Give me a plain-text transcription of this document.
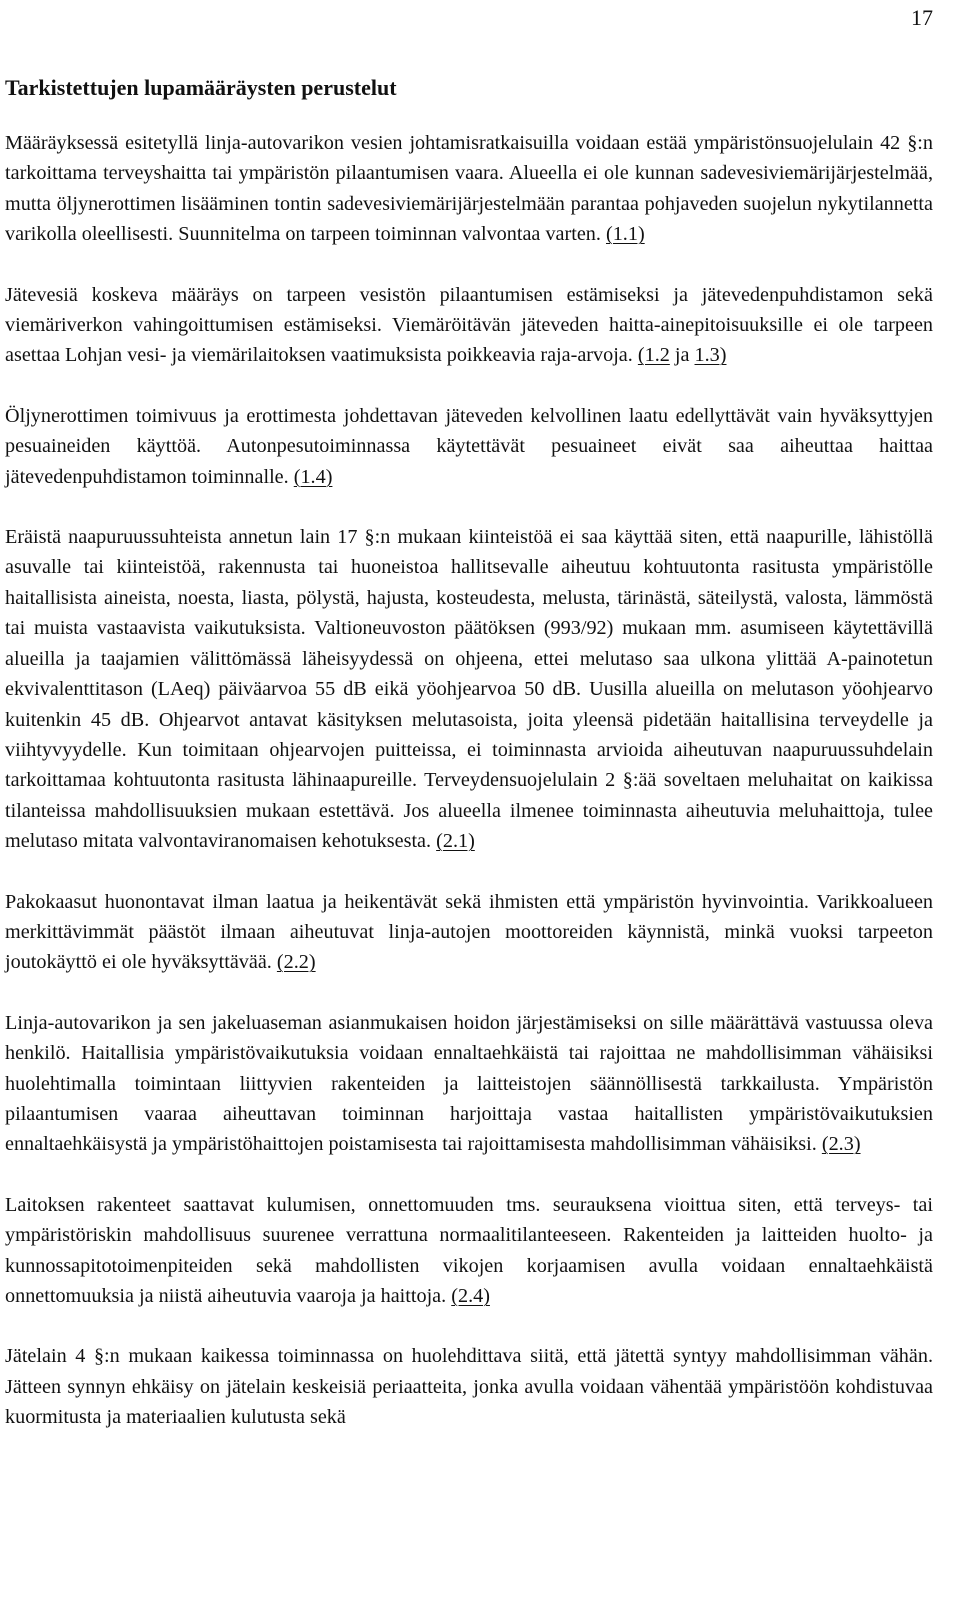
17
Tarkistettujen lupamääräysten perustelut

Määräyksessä esitetyllä linja-autovarikon vesien johtamisratkaisuilla voidaan estää ympäristönsuojelulain 42 §:n tarkoittama terveyshaitta tai ympäristön pilaantumisen vaara. Alueella ei ole kunnan sadevesiviemärijärjestelmää, mutta öljynerottimen lisääminen tontin sadevesiviemärijärjestelmään parantaa pohjaveden suojelun nykytilannetta varikolla oleellisesti. Suunnitelma on tarpeen toiminnan valvontaa varten. (1.1)

Jätevesiä koskeva määräys on tarpeen vesistön pilaantumisen estämiseksi ja jätevedenpuhdistamon sekä viemäriverkon vahingoittumisen estämiseksi. Viemäröitävän jäteveden haitta-ainepitoisuuksille ei ole tarpeen asettaa Lohjan vesi- ja viemärilaitoksen vaatimuksista poikkeavia raja-arvoja. (1.2 ja 1.3)

Öljynerottimen toimivuus ja erottimesta johdettavan jäteveden kelvollinen laatu edellyttävät vain hyväksyttyjen pesuaineiden käyttöä. Autonpesutoiminnassa käytettävät pesuaineet eivät saa aiheuttaa haittaa jätevedenpuhdistamon toiminnalle. (1.4)

Eräistä naapuruussuhteista annetun lain 17 §:n mukaan kiinteistöä ei saa käyttää siten, että naapurille, lähistöllä asuvalle tai kiinteistöä, rakennusta tai huoneistoa hallitsevalle aiheutuu kohtuutonta rasitusta ympäristölle haitallisista aineista, noesta, liasta, pölystä, hajusta, kosteudesta, melusta, tärinästä, säteilystä, valosta, lämmöstä tai muista vastaavista vaikutuksista. Valtioneuvoston päätöksen (993/92) mukaan mm. asumiseen käytettävillä alueilla ja taajamien välittömässä läheisyydessä on ohjeena, ettei melutaso saa ulkona ylittää A-painotetun ekvivalenttitason (LAeq) päiväarvoa 55 dB eikä yöohjearvoa 50 dB. Uusilla alueilla on melutason yöohjearvo kuitenkin 45 dB. Ohjearvot antavat käsityksen melutasoista, joita yleensä pidetään haitallisina terveydelle ja viihtyvyydelle. Kun toimitaan ohjearvojen puitteissa, ei toiminnasta arvioida aiheutuvan naapuruussuhdelain tarkoittamaa kohtuutonta rasitusta lähinaapureille. Terveydensuojelulain 2 §:ää soveltaen meluhaitat on kaikissa tilanteissa mahdollisuuksien mukaan estettävä. Jos alueella ilmenee toiminnasta aiheutuvia meluhaittoja, tulee melutaso mitata valvontaviranomaisen kehotuksesta. (2.1)

Pakokaasut huonontavat ilman laatua ja heikentävät sekä ihmisten että ympäristön hyvinvointia. Varikkoalueen merkittävimmät päästöt ilmaan aiheutuvat linja-autojen moottoreiden käynnistä, minkä vuoksi tarpeeton joutokäyttö ei ole hyväksyttävää. (2.2)

Linja-autovarikon ja sen jakeluaseman asianmukaisen hoidon järjestämiseksi on sille määrättävä vastuussa oleva henkilö. Haitallisia ympäristövaikutuksia voidaan ennaltaehkäistä tai rajoittaa ne mahdollisimman vähäisiksi huolehtimalla toimintaan liittyvien rakenteiden ja laitteistojen säännöllisestä tarkkailusta. Ympäristön pilaantumisen vaaraa aiheuttavan toiminnan harjoittaja vastaa haitallisten ympäristövaikutuksien ennaltaehkäisystä ja ympäristöhaittojen poistamisesta tai rajoittamisesta mahdollisimman vähäisiksi. (2.3)

Laitoksen rakenteet saattavat kulumisen, onnettomuuden tms. seurauksena vioittua siten, että terveys- tai ympäristöriskin mahdollisuus suurenee verrattuna normaalitilanteeseen. Rakenteiden ja laitteiden huolto- ja kunnossapitotoimenpiteiden sekä mahdollisten vikojen korjaamisen avulla voidaan ennaltaehkäistä onnettomuuksia ja niistä aiheutuvia vaaroja ja haittoja. (2.4)

Jätelain 4 §:n mukaan kaikessa toiminnassa on huolehdittava siitä, että jätettä syntyy mahdollisimman vähän. Jätteen synnyn ehkäisy on jätelain keskeisiä periaatteita, jonka avulla voidaan vähentää ympäristöön kohdistuvaa kuormitusta ja materiaalien kulutusta sekä
